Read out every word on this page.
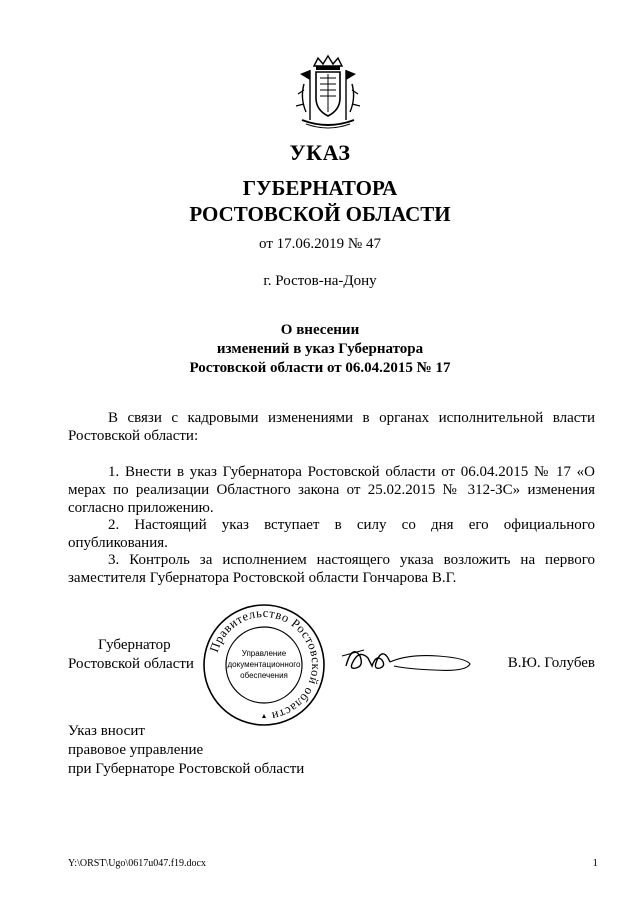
УКАЗ
ГУБЕРНАТОРА
РОСТОВСКОЙ ОБЛАСТИ
от 17.06.2019 № 47
г. Ростов-на-Дону
О внесении
изменений в указ Губернатора
Ростовской области от 06.04.2015 № 17

В связи с кадровыми изменениями в органах исполнительной власти Ростовской области:

1. Внести в указ Губернатора Ростовской области от 06.04.2015 № 17 «О мерах по реализации Областного закона от 25.02.2015 № 312-ЗС» изменения согласно приложению.

2. Настоящий указ вступает в силу со дня его официального опубликования.

3. Контроль за исполнением настоящего указа возложить на первого заместителя Губернатора Ростовской области Гончарова В.Г.

Губернатор
Ростовской области
Правительство Ростовской области
Управление
документационного
обеспечения
В.Ю. Голубев
Указ вносит
правовое управление
при Губернаторе Ростовской области
Y:\ORST\Ugo\0617u047.f19.docx	1
